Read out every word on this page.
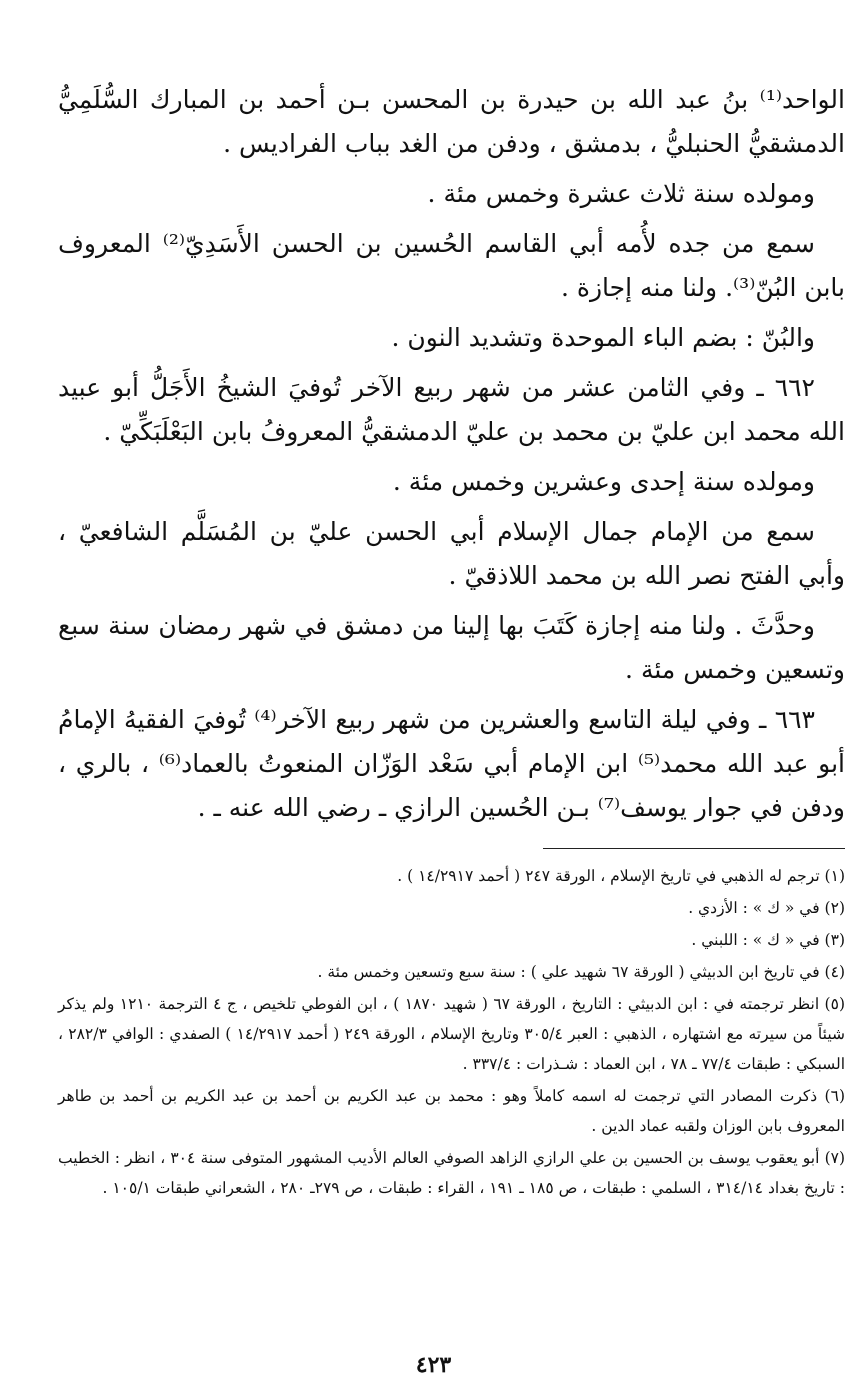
الواحد⁽¹⁾ بنُ عبد الله بن حيدرة بن المحسن بـن أحمد بن المبارك السُّلَمِيُّ الدمشقيُّ الحنبليُّ ، بدمشق ، ودفن من الغد بباب الفراديس .

ومولده سنة ثلاث عشرة وخمس مئة .

سمع من جده لأُمه أبي القاسم الحُسين بن الحسن الأَسَدِيّ⁽²⁾ المعروف بابن البُنّ⁽³⁾. ولنا منه إجازة .

والبُنّ : بضم الباء الموحدة وتشديد النون .

٦٦٢ ـ وفي الثامن عشر من شهر ربيع الآخر تُوفيَ الشيخُ الأَجَلُّ أبو عبيد الله محمد ابن عليّ بن محمد بن عليّ الدمشقيُّ المعروفُ بابن البَعْلَبَكِّيّ .

ومولده سنة إحدى وعشرين وخمس مئة .

سمع من الإمام جمال الإسلام أبي الحسن عليّ بن المُسَلَّم الشافعيّ ، وأبي الفتح نصر الله بن محمد اللاذقيّ .

وحدَّثَ . ولنا منه إجازة كَتَبَ بها إلينا من دمشق في شهر رمضان سنة سبع وتسعين وخمس مئة .

٦٦٣ ـ وفي ليلة التاسع والعشرين من شهر ربيع الآخر⁽⁴⁾ تُوفيَ الفقيهُ الإمامُ أبو عبد الله محمد⁽⁵⁾ ابن الإمام أبي سَعْد الوَزّان المنعوتُ بالعماد⁽⁶⁾ ، بالري ، ودفن في جوار يوسف⁽⁷⁾ بـن الحُسين الرازي ـ رضي الله عنه ـ .

(١) ترجم له الذهبي في تاريخ الإسلام ، الورقة ٢٤٧ ( أحمد ١٤/٢٩١٧ ) .

(٢) في « ك » : الأزدي .

(٣) في « ك » : اللبني .

(٤) في تاريخ ابن الدبيثي ( الورقة ٦٧ شهيد علي ) : سنة سبع وتسعين وخمس مئة .

(٥) انظر ترجمته في : ابن الدبيثي : التاريخ ، الورقة ٦٧ ( شهيد ١٨٧٠ ) ، ابن الفوطي تلخيص ، ج ٤ الترجمة ١٢١٠ ولم يذكر شيئاً من سيرته مع اشتهاره ، الذهبي : العبر ٣٠٥/٤ وتاريخ الإسلام ، الورقة ٢٤٩ ( أحمد ١٤/٢٩١٧ ) الصفدي : الوافي ٢٨٢/٣ ، السبكي : طبقات ٧٧/٤ ـ ٧٨ ، ابن العماد : شـذرات : ٣٣٧/٤ .

(٦) ذكرت المصادر التي ترجمت له اسمه كاملاً وهو : محمد بن عبد الكريم بن أحمد بن عبد الكريم بن أحمد بن طاهر المعروف بابن الوزان ولقبه عماد الدين .

(٧) أبو يعقوب يوسف بن الحسين بن علي الرازي الزاهد الصوفي العالم الأديب المشهور المتوفى سنة ٣٠٤ ، انظر : الخطيب : تاريخ بغداد ٣١٤/١٤ ، السلمي : طبقات ، ص ١٨٥ ـ ١٩١ ، القراء : طبقات ، ص ٢٧٩ـ ٢٨٠ ، الشعراني طبقات ١٠٥/١ .

٤٢٣
